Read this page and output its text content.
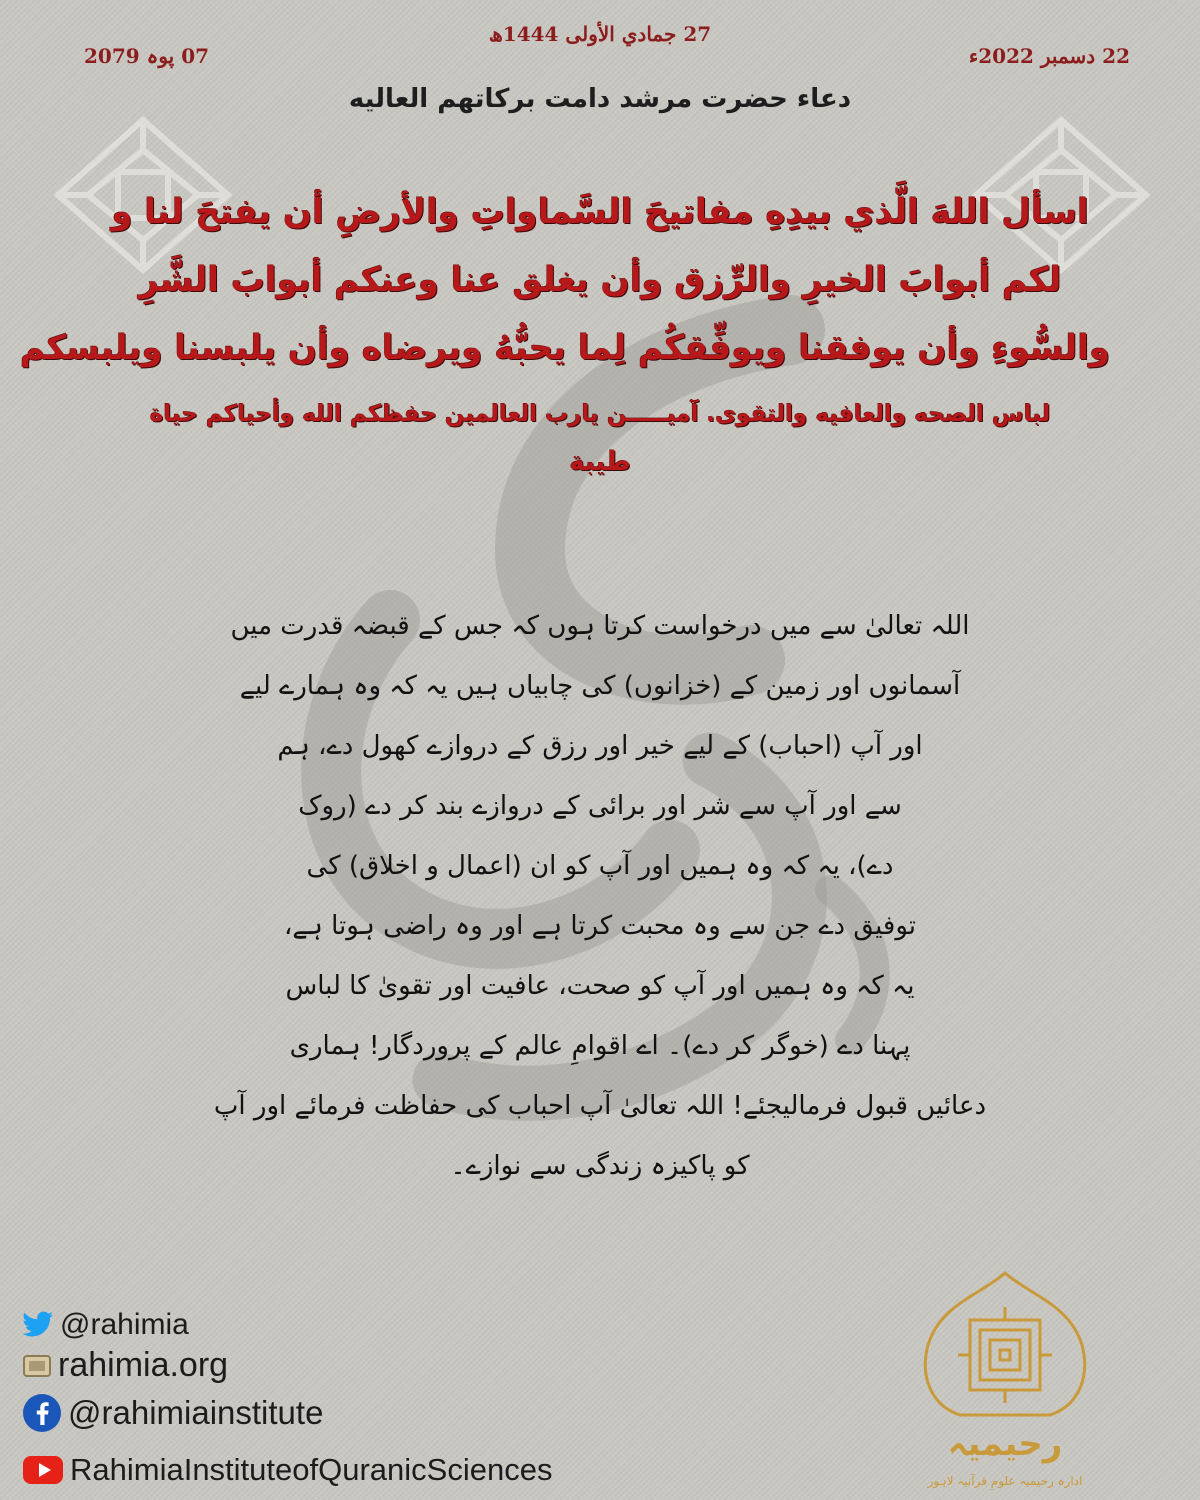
07 پوہ 2079
27 جمادي الأولى 1444ھ
22 دسمبر 2022ء
دعاء حضرت مرشد دامت برکاتھم العالیه
اسأل اللهَ الَّذي بيدِهِ مفاتيحَ السَّماواتِ والأرضِ أن يفتحَ لنا و
لكم أبوابَ الخيرِ والرِّزق وأن يغلق عنا وعنكم أبوابَ الشَّرِ
والسُّوءِ وأن يوفقنا ويوفِّقكُم لِما يحبُّهُ ويرضاه وأن يلبسنا ويلبسكم
لباس الصحه والعافيه والتقوی. آمیـــــن یارب العالمین حفظکم الله وأحیاکم حیاة
طيبة
اللہ تعالیٰ سے میں درخواست کرتا ہوں کہ جس کے قبضہ قدرت میں
آسمانوں اور زمین کے (خزانوں) کی چابیاں ہیں یہ کہ وہ ہمارے لیے
اور آپ (احباب) کے لیے خیر اور رزق کے دروازے کھول دے، ہم
سے اور آپ سے شر اور برائی کے دروازے بند کر دے (روک
دے)، یہ کہ وہ ہمیں اور آپ کو ان (اعمال و اخلاق) کی
توفیق دے جن سے وہ محبت کرتا ہے اور وہ راضی ہوتا ہے،
یہ کہ وہ ہمیں اور آپ کو صحت، عافیت اور تقویٰ کا لباس
پہنا دے (خوگر کر دے)۔ اے اقوامِ عالم کے پروردگار! ہماری
دعائیں قبول فرمالیجئے! اللہ تعالیٰ آپ احباب کی حفاظت فرمائے اور آپ
کو پاکیزہ زندگی سے نوازے۔
@rahimia
rahimia.org
@rahimiainstitute
RahimiaInstituteofQuranicSciences
رحیمیہ
ادارہ رحیمیہ علومِ قرآنیہ لاہور
